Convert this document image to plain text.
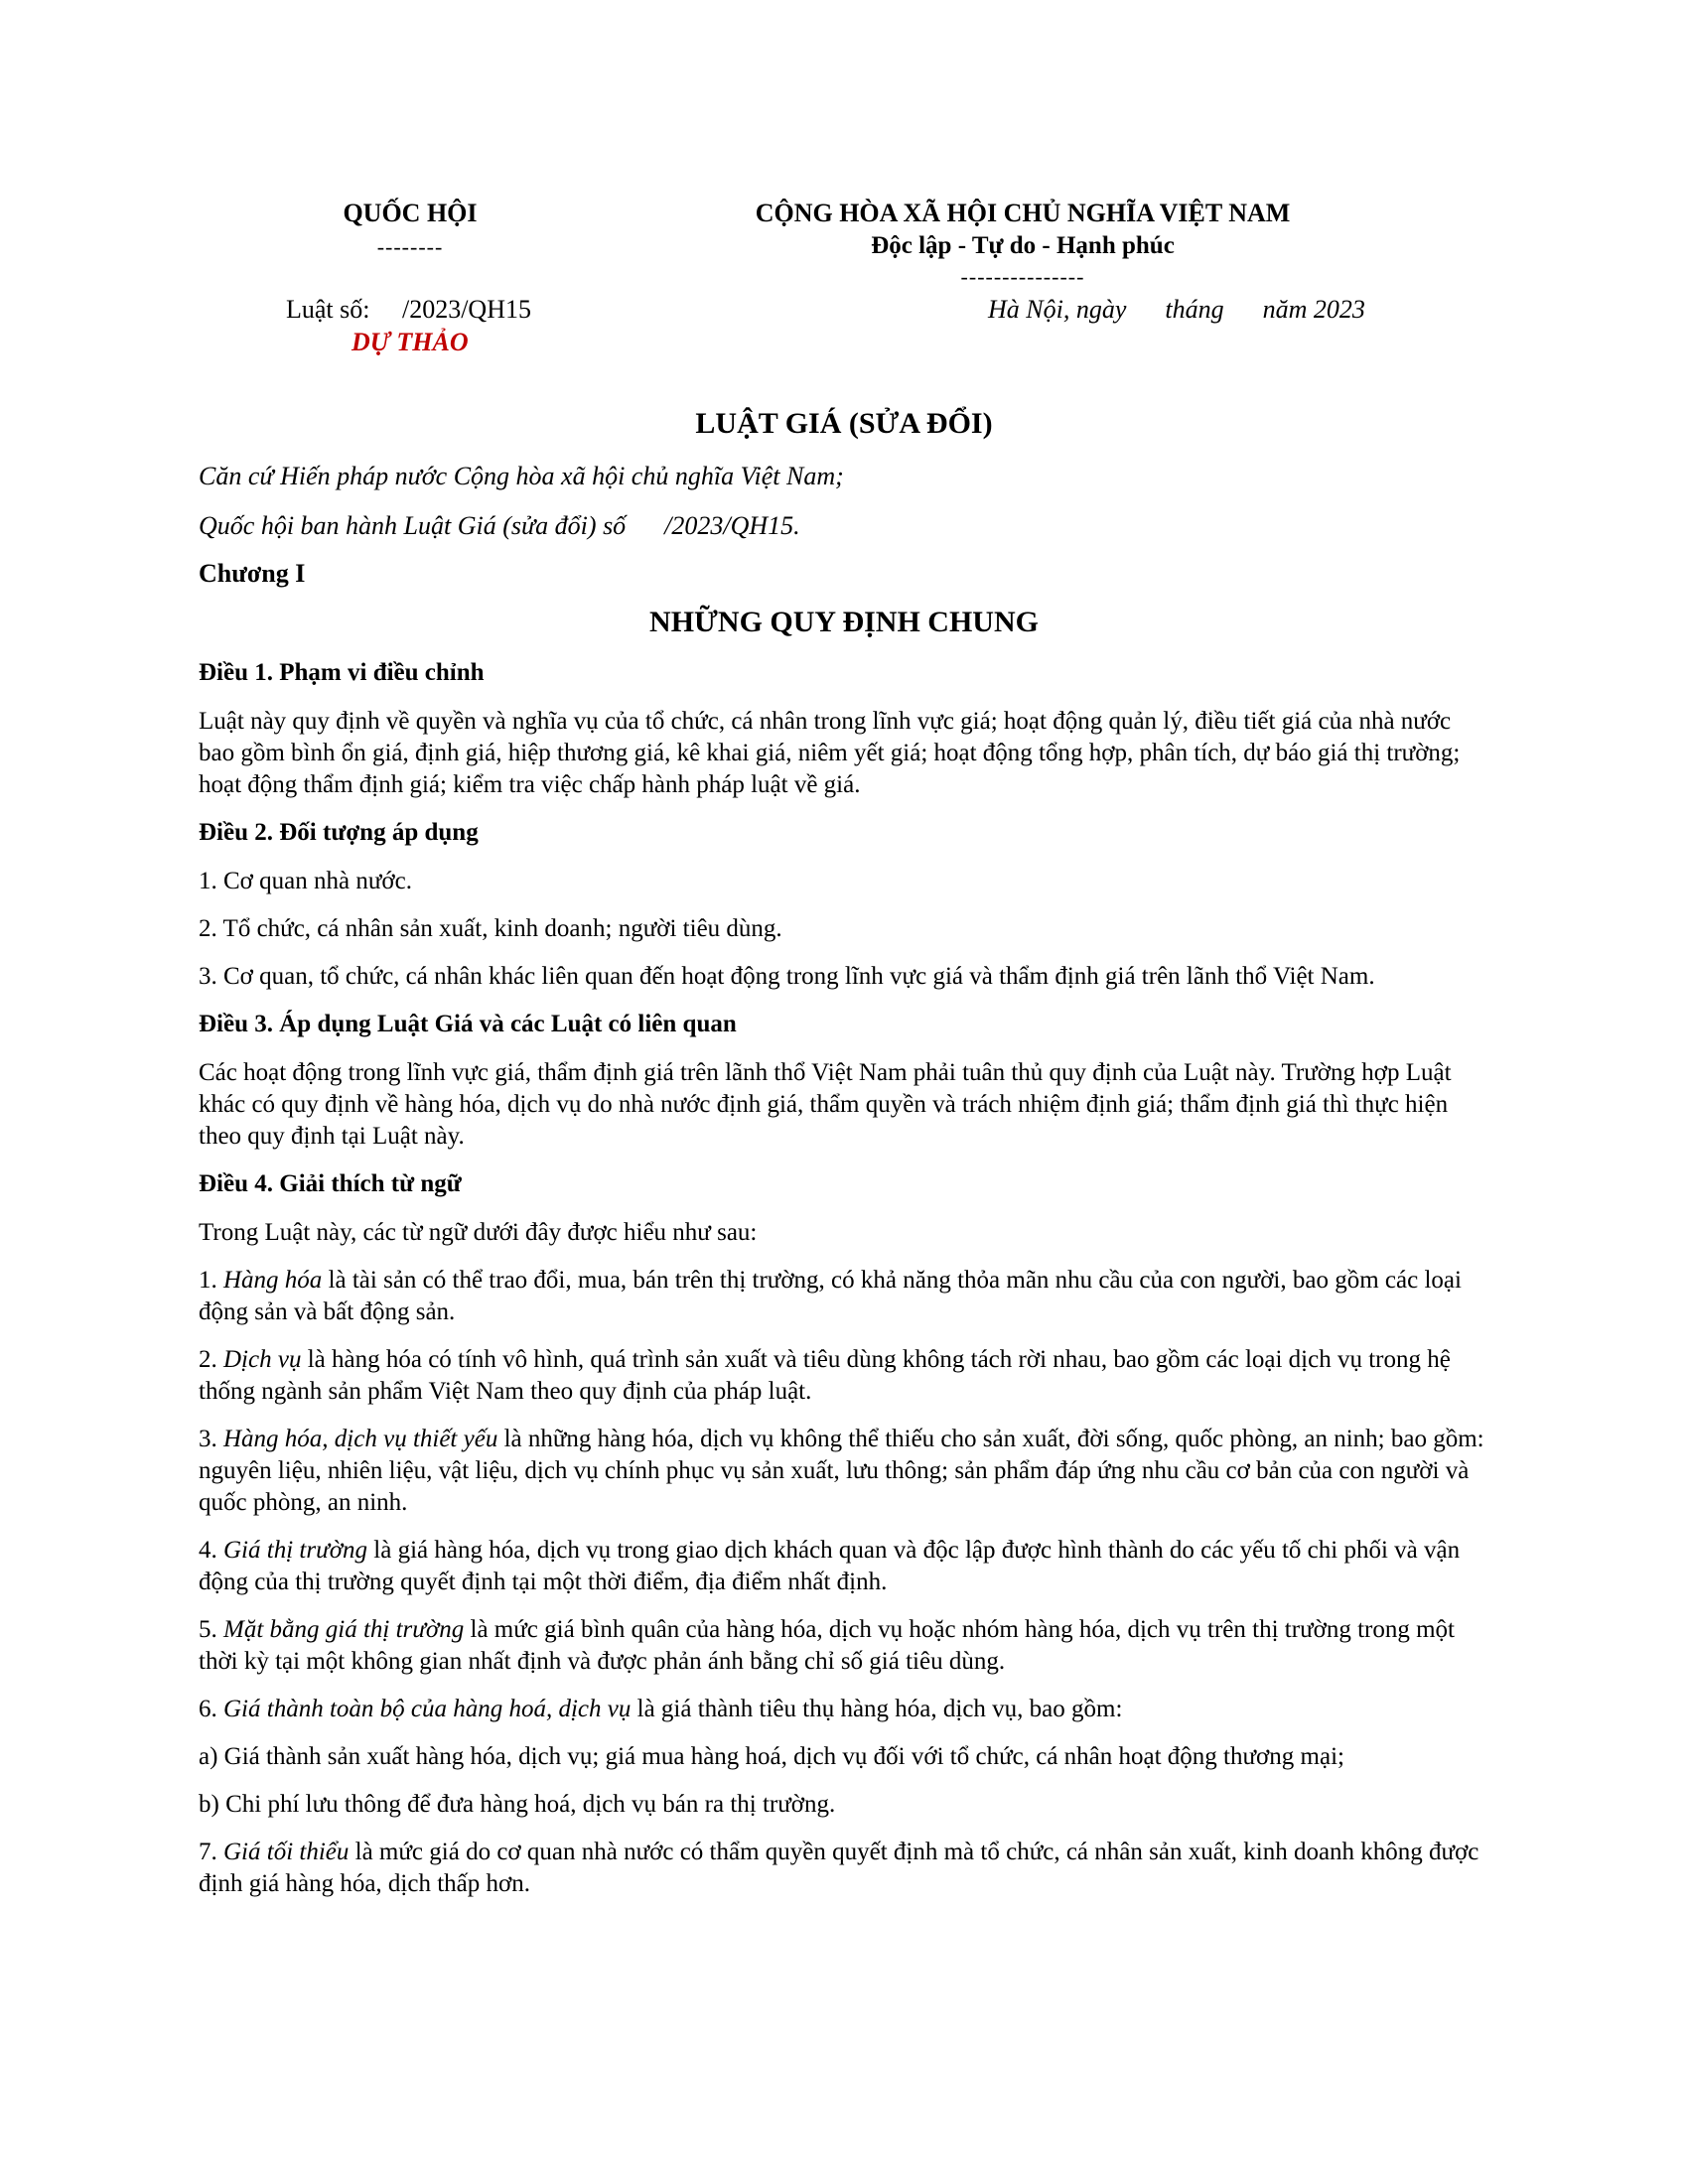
QUỐC HỘI
--------
CỘNG HÒA XÃ HỘI CHỦ NGHĨA VIỆT NAM
Độc lập - Tự do - Hạnh phúc
---------------
Luật số:     /2023/QH15
DỰ THẢO
Hà Nội, ngày      tháng      năm 2023
LUẬT GIÁ (SỬA ĐỔI)
Căn cứ Hiến pháp nước Cộng hòa xã hội chủ nghĩa Việt Nam;
Quốc hội ban hành Luật Giá (sửa đổi) số      /2023/QH15.
Chương I
NHỮNG QUY ĐỊNH CHUNG

Điều 1. Phạm vi điều chỉnh

Luật này quy định về quyền và nghĩa vụ của tổ chức, cá nhân trong lĩnh vực giá; hoạt động quản lý, điều tiết giá của nhà nước bao gồm bình ổn giá, định giá, hiệp thương giá, kê khai giá, niêm yết giá; hoạt động tổng hợp, phân tích, dự báo giá thị trường; hoạt động thẩm định giá; kiểm tra việc chấp hành pháp luật về giá.

Điều 2. Đối tượng áp dụng

1. Cơ quan nhà nước.

2. Tổ chức, cá nhân sản xuất, kinh doanh; người tiêu dùng.

3. Cơ quan, tổ chức, cá nhân khác liên quan đến hoạt động trong lĩnh vực giá và thẩm định giá trên lãnh thổ Việt Nam.

Điều 3. Áp dụng Luật Giá và các Luật có liên quan

Các hoạt động trong lĩnh vực giá, thẩm định giá trên lãnh thổ Việt Nam phải tuân thủ quy định của Luật này. Trường hợp Luật khác có quy định về hàng hóa, dịch vụ do nhà nước định giá, thẩm quyền và trách nhiệm định giá; thẩm định giá thì thực hiện theo quy định tại Luật này.

Điều 4. Giải thích từ ngữ

Trong Luật này, các từ ngữ dưới đây được hiểu như sau:

1. Hàng hóa là tài sản có thể trao đổi, mua, bán trên thị trường, có khả năng thỏa mãn nhu cầu của con người, bao gồm các loại động sản và bất động sản.

2. Dịch vụ là hàng hóa có tính vô hình, quá trình sản xuất và tiêu dùng không tách rời nhau, bao gồm các loại dịch vụ trong hệ thống ngành sản phẩm Việt Nam theo quy định của pháp luật.

3. Hàng hóa, dịch vụ thiết yếu là những hàng hóa, dịch vụ không thể thiếu cho sản xuất, đời sống, quốc phòng, an ninh; bao gồm: nguyên liệu, nhiên liệu, vật liệu, dịch vụ chính phục vụ sản xuất, lưu thông; sản phẩm đáp ứng nhu cầu cơ bản của con người và quốc phòng, an ninh.

4. Giá thị trường là giá hàng hóa, dịch vụ trong giao dịch khách quan và độc lập được hình thành do các yếu tố chi phối và vận động của thị trường quyết định tại một thời điểm, địa điểm nhất định.

5. Mặt bằng giá thị trường là mức giá bình quân của hàng hóa, dịch vụ hoặc nhóm hàng hóa, dịch vụ trên thị trường trong một thời kỳ tại một không gian nhất định và được phản ánh bằng chỉ số giá tiêu dùng.

6. Giá thành toàn bộ của hàng hoá, dịch vụ là giá thành tiêu thụ hàng hóa, dịch vụ, bao gồm:

a) Giá thành sản xuất hàng hóa, dịch vụ; giá mua hàng hoá, dịch vụ đối với tổ chức, cá nhân hoạt động thương mại;

b) Chi phí lưu thông để đưa hàng hoá, dịch vụ bán ra thị trường.

7. Giá tối thiểu là mức giá do cơ quan nhà nước có thẩm quyền quyết định mà tổ chức, cá nhân sản xuất, kinh doanh không được định giá hàng hóa, dịch thấp hơn.
